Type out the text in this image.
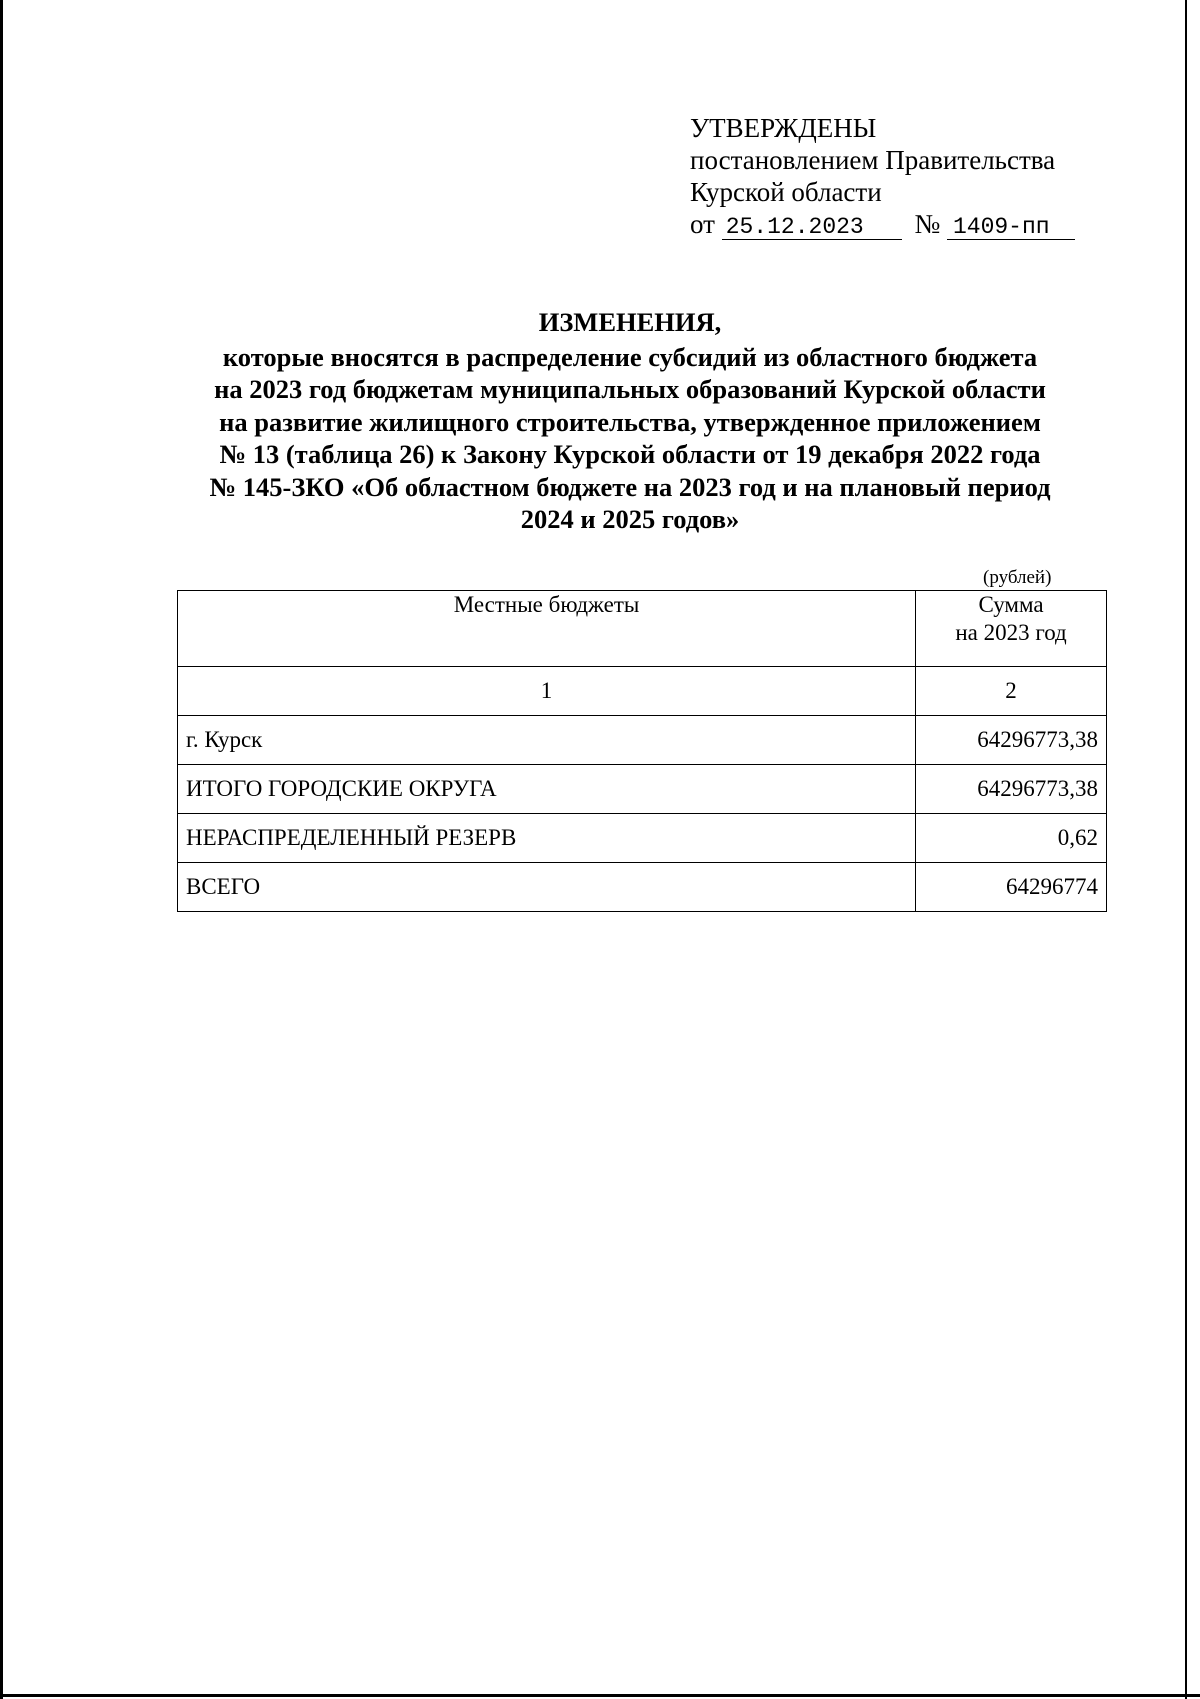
УТВЕРЖДЕНЫ
постановлением Правительства
Курской области
от 25.12.2023 № 1409-пп
ИЗМЕНЕНИЯ,
которые вносятся в распределение субсидий из областного бюджета
на 2023 год бюджетам муниципальных образований Курской области
на развитие жилищного строительства, утвержденное приложением
№ 13 (таблица 26) к Закону Курской области от 19 декабря 2022 года
№ 145-ЗКО «Об областном бюджете на 2023 год и на плановый период
2024 и 2025 годов»
(рублей)
Местные бюджеты	Сумма
на 2023 год
1	2
г. Курск	64296773,38
ИТОГО ГОРОДСКИЕ ОКРУГА	64296773,38
НЕРАСПРЕДЕЛЕННЫЙ РЕЗЕРВ	0,62
ВСЕГО	64296774
